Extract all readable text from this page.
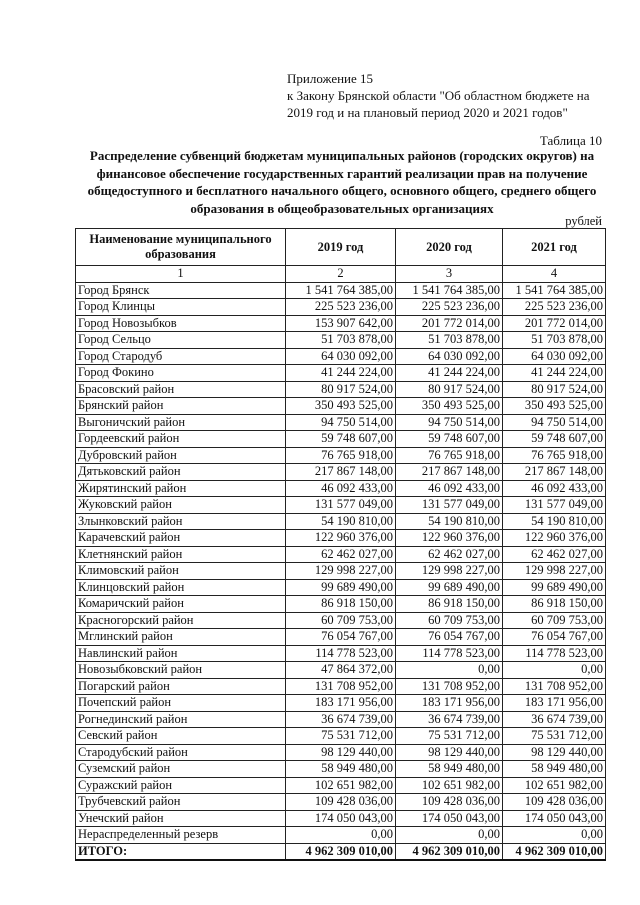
Приложение 15
к Закону Брянской области "Об областном бюджете на
2019 год и на плановый период 2020 и 2021 годов"
Таблица 10
Распределение субвенций бюджетам муниципальных районов (городских округов) на финансовое обеспечение государственных гарантий реализации прав на получение общедоступного и бесплатного начального общего, основного общего, среднего общего образования в общеобразовательных организациях
рублей
Наименование муниципального образования	2019 год	2020 год	2021 год
1	2	3	4
Город Брянск	1 541 764 385,00	1 541 764 385,00	1 541 764 385,00
Город Клинцы	225 523 236,00	225 523 236,00	225 523 236,00
Город Новозыбков	153 907 642,00	201 772 014,00	201 772 014,00
Город Сельцо	51 703 878,00	51 703 878,00	51 703 878,00
Город Стародуб	64 030 092,00	64 030 092,00	64 030 092,00
Город Фокино	41 244 224,00	41 244 224,00	41 244 224,00
Брасовский район	80 917 524,00	80 917 524,00	80 917 524,00
Брянский район	350 493 525,00	350 493 525,00	350 493 525,00
Выгоничский район	94 750 514,00	94 750 514,00	94 750 514,00
Гордеевский район	59 748 607,00	59 748 607,00	59 748 607,00
Дубровский район	76 765 918,00	76 765 918,00	76 765 918,00
Дятьковский район	217 867 148,00	217 867 148,00	217 867 148,00
Жирятинский район	46 092 433,00	46 092 433,00	46 092 433,00
Жуковский район	131 577 049,00	131 577 049,00	131 577 049,00
Злынковский район	54 190 810,00	54 190 810,00	54 190 810,00
Карачевский район	122 960 376,00	122 960 376,00	122 960 376,00
Клетнянский район	62 462 027,00	62 462 027,00	62 462 027,00
Климовский район	129 998 227,00	129 998 227,00	129 998 227,00
Клинцовский район	99 689 490,00	99 689 490,00	99 689 490,00
Комаричский район	86 918 150,00	86 918 150,00	86 918 150,00
Красногорский район	60 709 753,00	60 709 753,00	60 709 753,00
Мглинский район	76 054 767,00	76 054 767,00	76 054 767,00
Навлинский район	114 778 523,00	114 778 523,00	114 778 523,00
Новозыбковский район	47 864 372,00	0,00	0,00
Погарский район	131 708 952,00	131 708 952,00	131 708 952,00
Почепский район	183 171 956,00	183 171 956,00	183 171 956,00
Рогнединский район	36 674 739,00	36 674 739,00	36 674 739,00
Севский район	75 531 712,00	75 531 712,00	75 531 712,00
Стародубский район	98 129 440,00	98 129 440,00	98 129 440,00
Суземский район	58 949 480,00	58 949 480,00	58 949 480,00
Суражский район	102 651 982,00	102 651 982,00	102 651 982,00
Трубчевский район	109 428 036,00	109 428 036,00	109 428 036,00
Унечский район	174 050 043,00	174 050 043,00	174 050 043,00
Нераспределенный резерв	0,00	0,00	0,00
ИТОГО:	4 962 309 010,00	4 962 309 010,00	4 962 309 010,00
